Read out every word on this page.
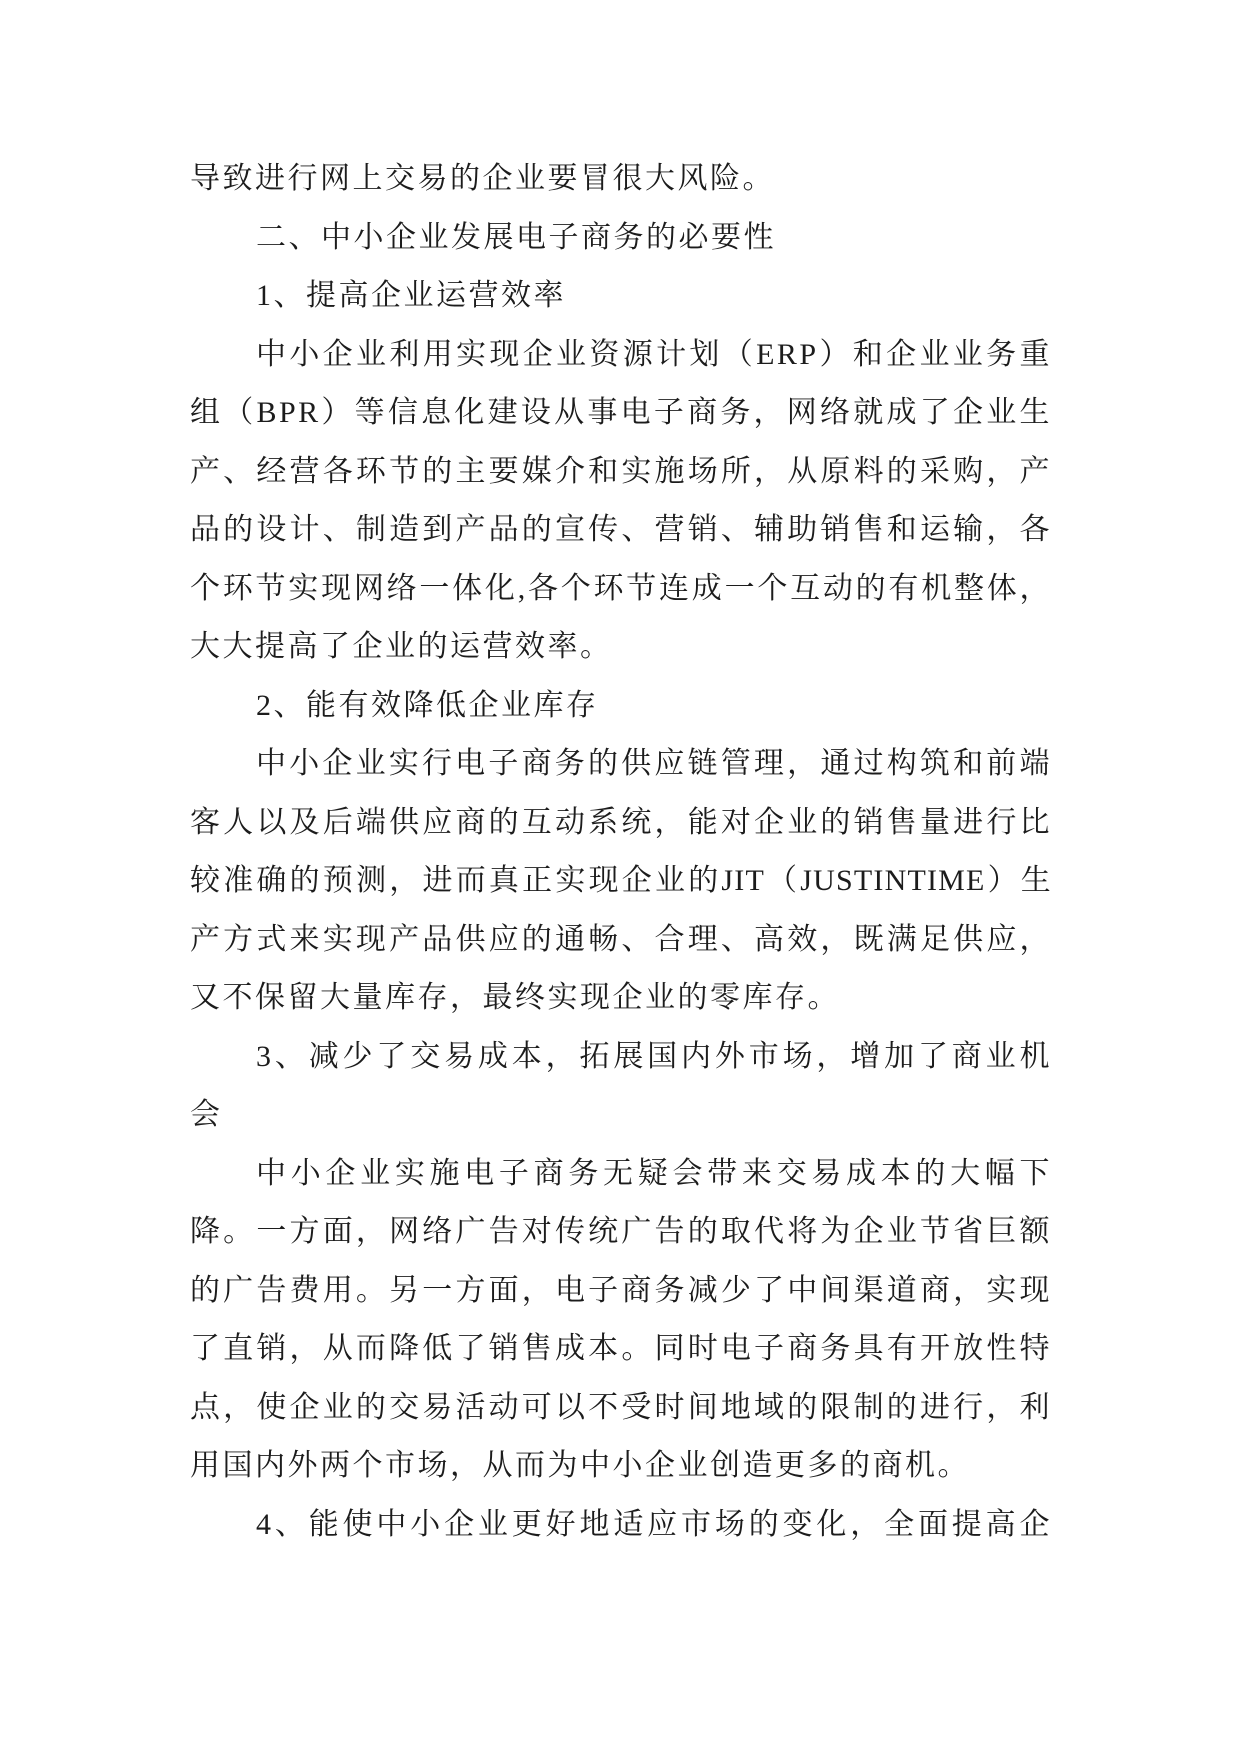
导致进行网上交易的企业要冒很大风险。
二、中小企业发展电子商务的必要性
1、提高企业运营效率
中小企业利用实现企业资源计划（ERP）和企业业务重
组（BPR）等信息化建设从事电子商务，网络就成了企业生
产、经营各环节的主要媒介和实施场所，从原料的采购，产
品的设计、制造到产品的宣传、营销、辅助销售和运输，各
个环节实现网络一体化,各个环节连成一个互动的有机整体，
大大提高了企业的运营效率。
2、能有效降低企业库存
中小企业实行电子商务的供应链管理，通过构筑和前端
客人以及后端供应商的互动系统，能对企业的销售量进行比
较准确的预测，进而真正实现企业的JIT（JUSTINTIME）生
产方式来实现产品供应的通畅、合理、高效，既满足供应，
又不保留大量库存，最终实现企业的零库存。
3、减少了交易成本，拓展国内外市场，增加了商业机
会
中小企业实施电子商务无疑会带来交易成本的大幅下
降。一方面，网络广告对传统广告的取代将为企业节省巨额
的广告费用。另一方面，电子商务减少了中间渠道商，实现
了直销，从而降低了销售成本。同时电子商务具有开放性特
点，使企业的交易活动可以不受时间地域的限制的进行，利
用国内外两个市场，从而为中小企业创造更多的商机。
4、能使中小企业更好地适应市场的变化，全面提高企
